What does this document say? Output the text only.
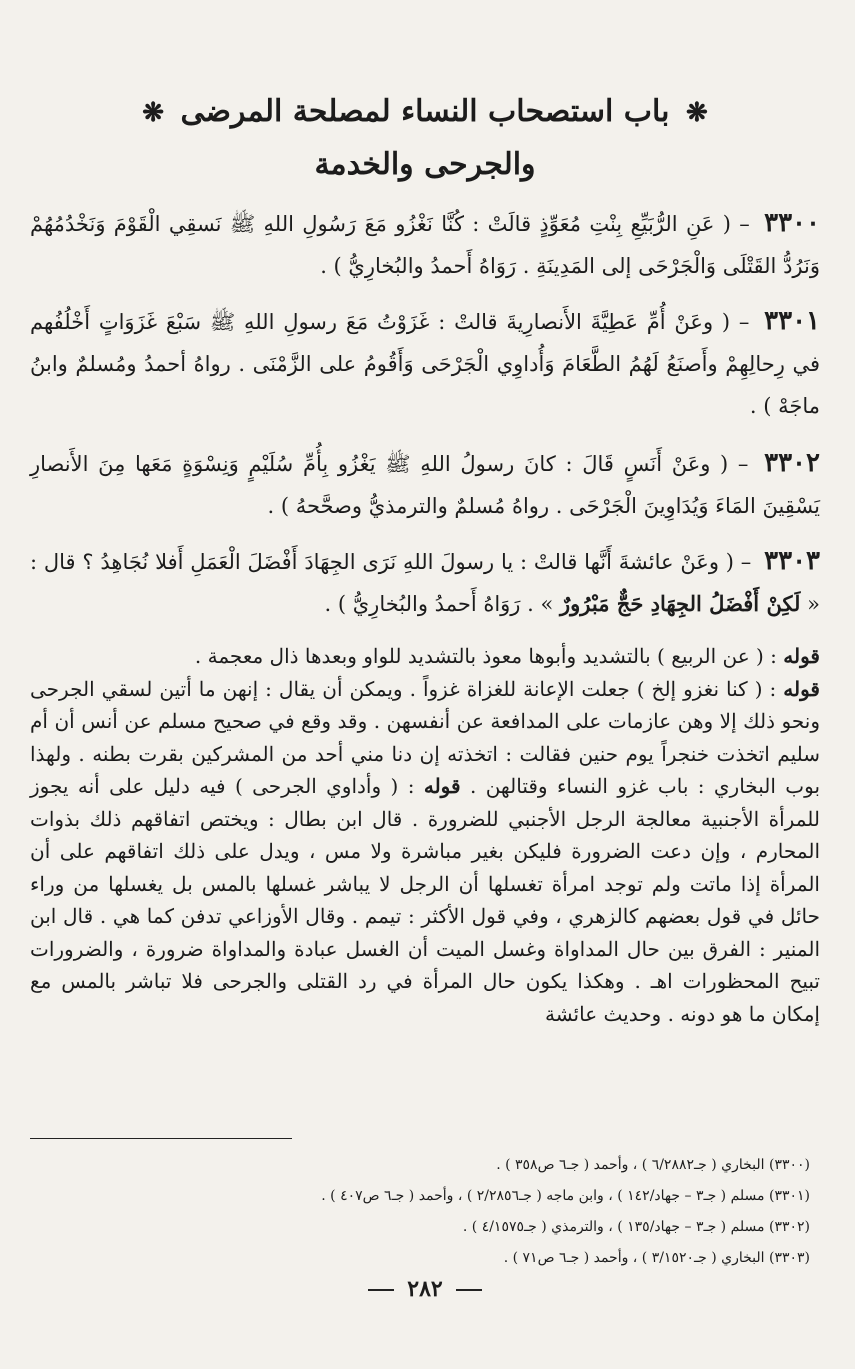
❋ باب استصحاب النساء لمصلحة المرضى ❋
والجرحى والخدمة
٣٣٠٠ – ( عَنِ الرُّبَيِّعِ بِنْتِ مُعَوِّذٍ قالَتْ : كُنَّا نَغْزُو مَعَ رَسُولِ اللهِ ﷺ نَسقِي الْقَوْمَ وَنَخْدُمُهُمْ وَنَرُدُّ القَتْلَى وَالْجَرْحَى إلى المَدِينَةِ . رَوَاهُ أَحمدُ والبُخارِيُّ ) .
٣٣٠١ – ( وعَنْ أُمِّ عَطِيَّةَ الأَنصارِيةَ قالتْ : غَزَوْتُ مَعَ رسولِ اللهِ ﷺ سَبْعَ غَزَوَاتٍ أَخْلُفُهم في رِحالِهِمْ وأَصنَعُ لَهُمُ الطَّعَامَ وَأُداوِي الْجَرْحَى وَأَقُومُ على الزَّمْنَى . رواهُ أحمدُ ومُسلمٌ وابنُ ماجَهْ ) .
٣٣٠٢ – ( وعَنْ أَنَسٍ قَالَ : كانَ رسولُ اللهِ ﷺ يَغْزُو بِأُمِّ سُلَيْمٍ وَنِسْوَةٍ مَعَها مِنَ الأَنصارِ يَسْقِينَ المَاءَ وَيُدَاوِينَ الْجَرْحَى . رواهُ مُسلمٌ والترمذيُّ وصحَّحهُ ) .
٣٣٠٣ – ( وعَنْ عائشةَ أَنَّها قالتْ : يا رسولَ اللهِ نَرَى الجِهَادَ أَفْضَلَ الْعَمَلِ أَفلا نُجَاهِدُ ؟ قال : « لَكِنْ أَفْضَلُ الجِهَادِ حَجٌّ مَبْرُورٌ » . رَوَاهُ أَحمدُ والبُخارِيُّ ) .
قوله : ( عن الربيع ) بالتشديد وأبوها معوذ بالتشديد للواو وبعدها ذال معجمة .
قوله : ( كنا نغزو إلخ ) جعلت الإعانة للغزاة غزواً . ويمكن أن يقال : إنهن ما أتين لسقي الجرحى ونحو ذلك إلا وهن عازمات على المدافعة عن أنفسهن . وقد وقع في صحيح مسلم عن أنس أن أم سليم اتخذت خنجراً يوم حنين فقالت : اتخذته إن دنا مني أحد من المشركين بقرت بطنه . ولهذا بوب البخاري : باب غزو النساء وقتالهن . قوله : ( وأداوي الجرحى ) فيه دليل على أنه يجوز للمرأة الأجنبية معالجة الرجل الأجنبي للضرورة . قال ابن بطال : ويختص اتفاقهم ذلك بذوات المحارم ، وإن دعت الضرورة فليكن بغير مباشرة ولا مس ، ويدل على ذلك اتفاقهم على أن المرأة إذا ماتت ولم توجد امرأة تغسلها أن الرجل لا يباشر غسلها بالمس بل يغسلها من وراء حائل في قول بعضهم كالزهري ، وفي قول الأكثر : تيمم . وقال الأوزاعي تدفن كما هي . قال ابن المنير : الفرق بين حال المداواة وغسل الميت أن الغسل عبادة والمداواة ضرورة ، والضرورات تبيح المحظورات اهـ . وهكذا يكون حال المرأة في رد القتلى والجرحى فلا تباشر بالمس مع إمكان ما هو دونه . وحديث عائشة
(٣٣٠٠) البخاري ( جـ٦/٢٨٨٢ ) ، وأحمد ( جـ٦ ص٣٥٨ ) .
(٣٣٠١) مسلم ( جـ٣ – جهاد/١٤٢ ) ، وابن ماجه ( جـ٢/٢٨٥٦ ) ، وأحمد ( جـ٦ ص٤٠٧ ) .
(٣٣٠٢) مسلم ( جـ٣ – جهاد/١٣٥ ) ، والترمذي ( جـ٤/١٥٧٥ ) .
(٣٣٠٣) البخاري ( جـ٣/١٥٢٠ ) ، وأحمد ( جـ٦ ص٧١ ) .
٢٨٢
